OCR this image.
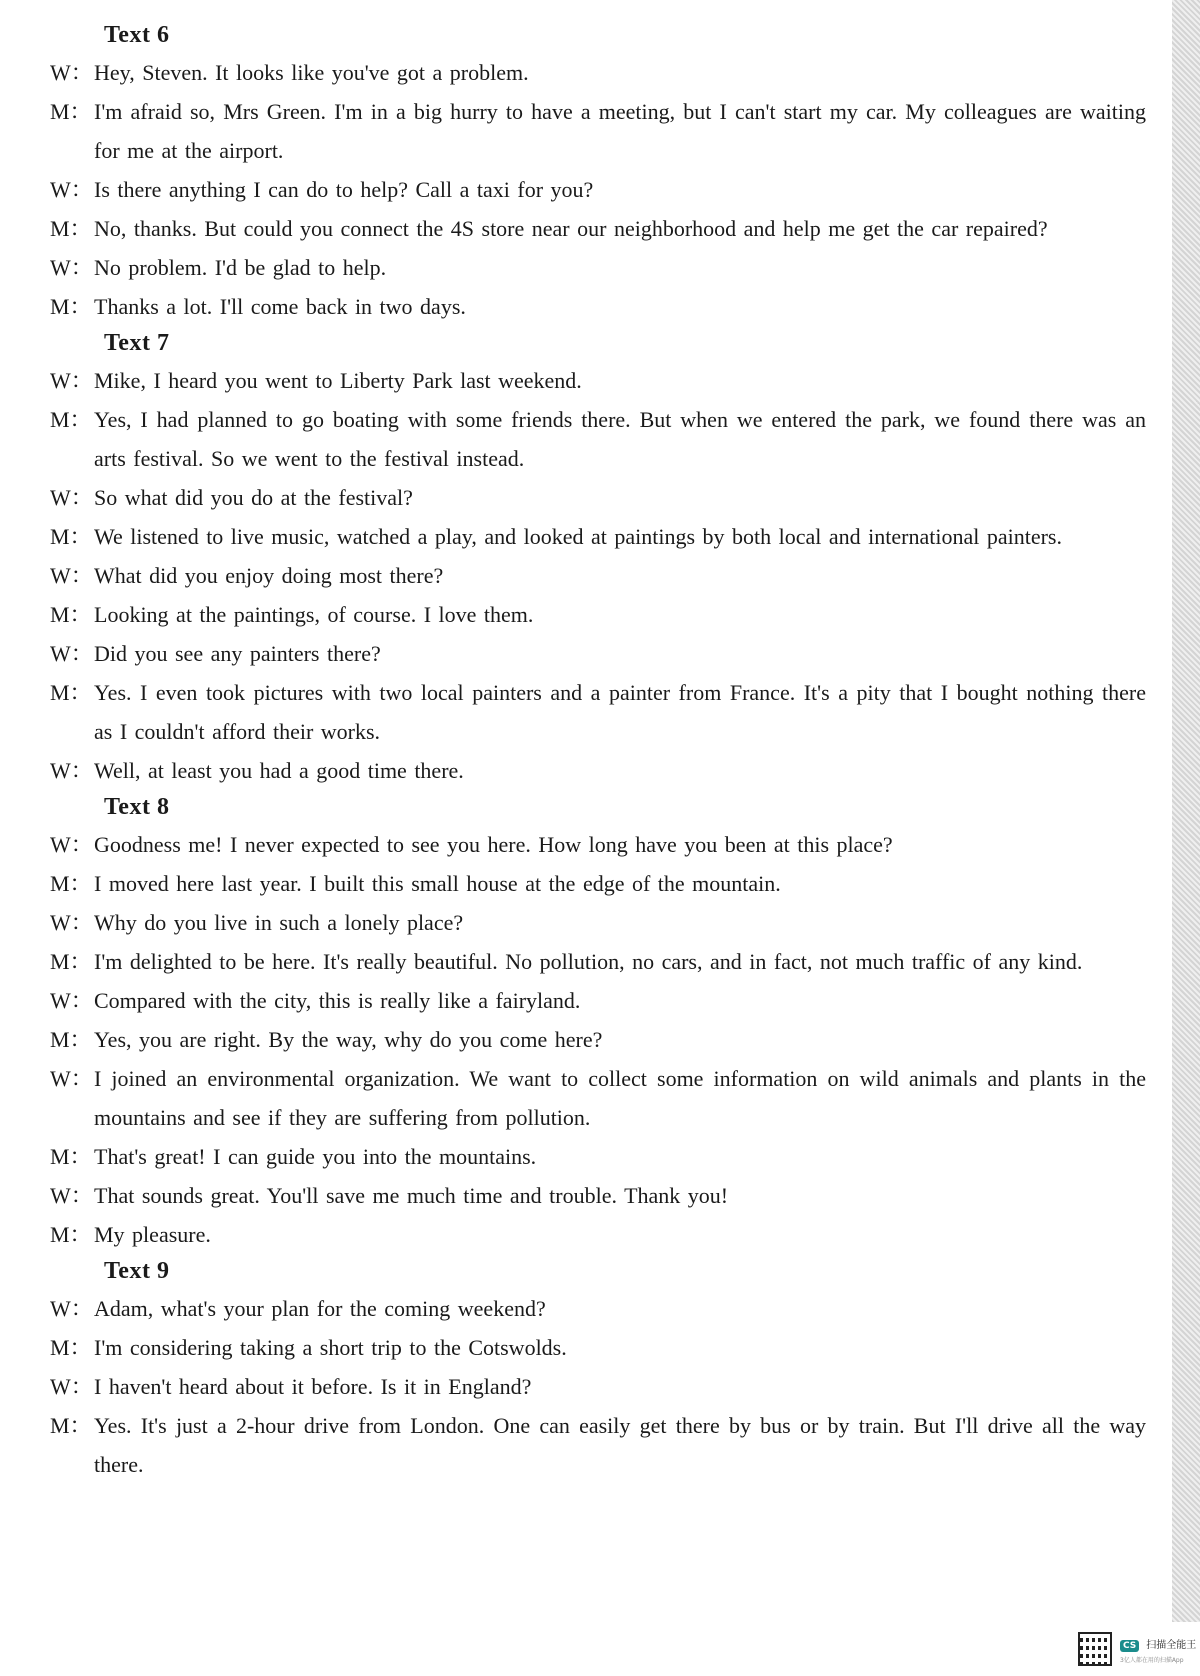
Text 6
W： Hey, Steven. It looks like you've got a problem.
M： I'm afraid so, Mrs Green. I'm in a big hurry to have a meeting, but I can't start my car. My colleagues are waiting for me at the airport.
W： Is there anything I can do to help? Call a taxi for you?
M： No, thanks. But could you connect the 4S store near our neighborhood and help me get the car repaired?
W： No problem. I'd be glad to help.
M： Thanks a lot. I'll come back in two days.
Text 7
W： Mike, I heard you went to Liberty Park last weekend.
M： Yes, I had planned to go boating with some friends there. But when we entered the park, we found there was an arts festival. So we went to the festival instead.
W： So what did you do at the festival?
M： We listened to live music, watched a play, and looked at paintings by both local and international painters.
W： What did you enjoy doing most there?
M： Looking at the paintings, of course. I love them.
W： Did you see any painters there?
M： Yes. I even took pictures with two local painters and a painter from France. It's a pity that I bought nothing there as I couldn't afford their works.
W： Well, at least you had a good time there.
Text 8
W： Goodness me! I never expected to see you here. How long have you been at this place?
M： I moved here last year. I built this small house at the edge of the mountain.
W： Why do you live in such a lonely place?
M： I'm delighted to be here. It's really beautiful. No pollution, no cars, and in fact, not much traffic of any kind.
W： Compared with the city, this is really like a fairyland.
M： Yes, you are right. By the way, why do you come here?
W： I joined an environmental organization. We want to collect some information on wild animals and plants in the mountains and see if they are suffering from pollution.
M： That's great! I can guide you into the mountains.
W： That sounds great. You'll save me much time and trouble. Thank you!
M： My pleasure.
Text 9
W： Adam, what's your plan for the coming weekend?
M： I'm considering taking a short trip to the Cotswolds.
W： I haven't heard about it before. Is it in England?
M： Yes. It's just a 2-hour drive from London. One can easily get there by bus or by train. But I'll drive all the way there.
CS 扫描全能王
3亿人都在用的扫描App
